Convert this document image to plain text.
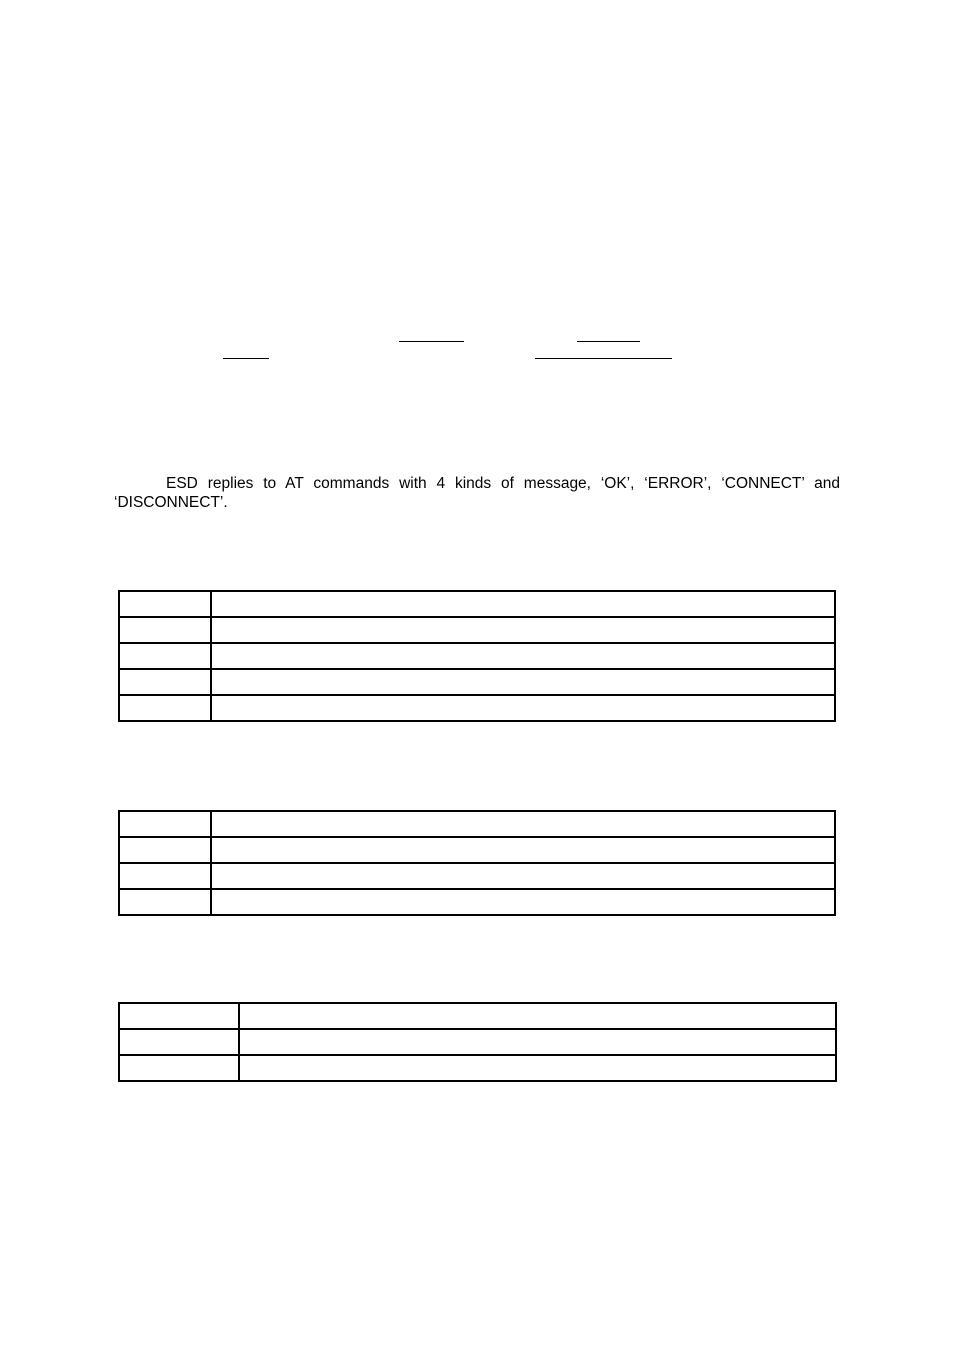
ESD replies to AT commands with 4 kinds of message, ‘OK’, ‘ERROR’, ‘CONNECT’ and ‘DISCONNECT’.
